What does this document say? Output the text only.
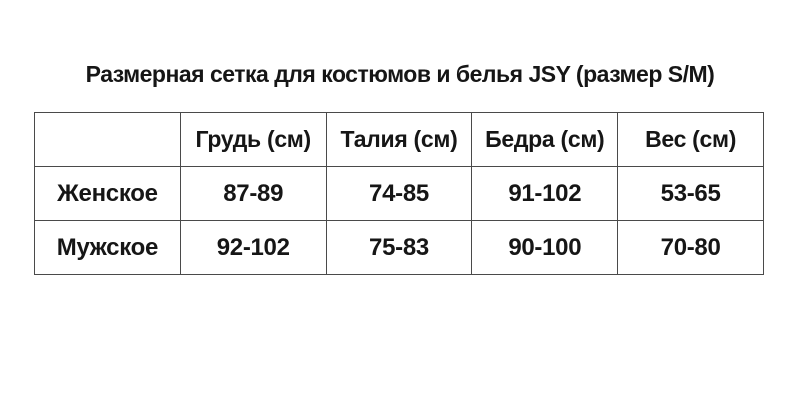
Размерная сетка для костюмов и белья JSY (размер S/M)
	Грудь (см)	Талия (см)	Бедра (см)	Вес (см)
Женское	87-89	74-85	91-102	53-65
Мужское	92-102	75-83	90-100	70-80
